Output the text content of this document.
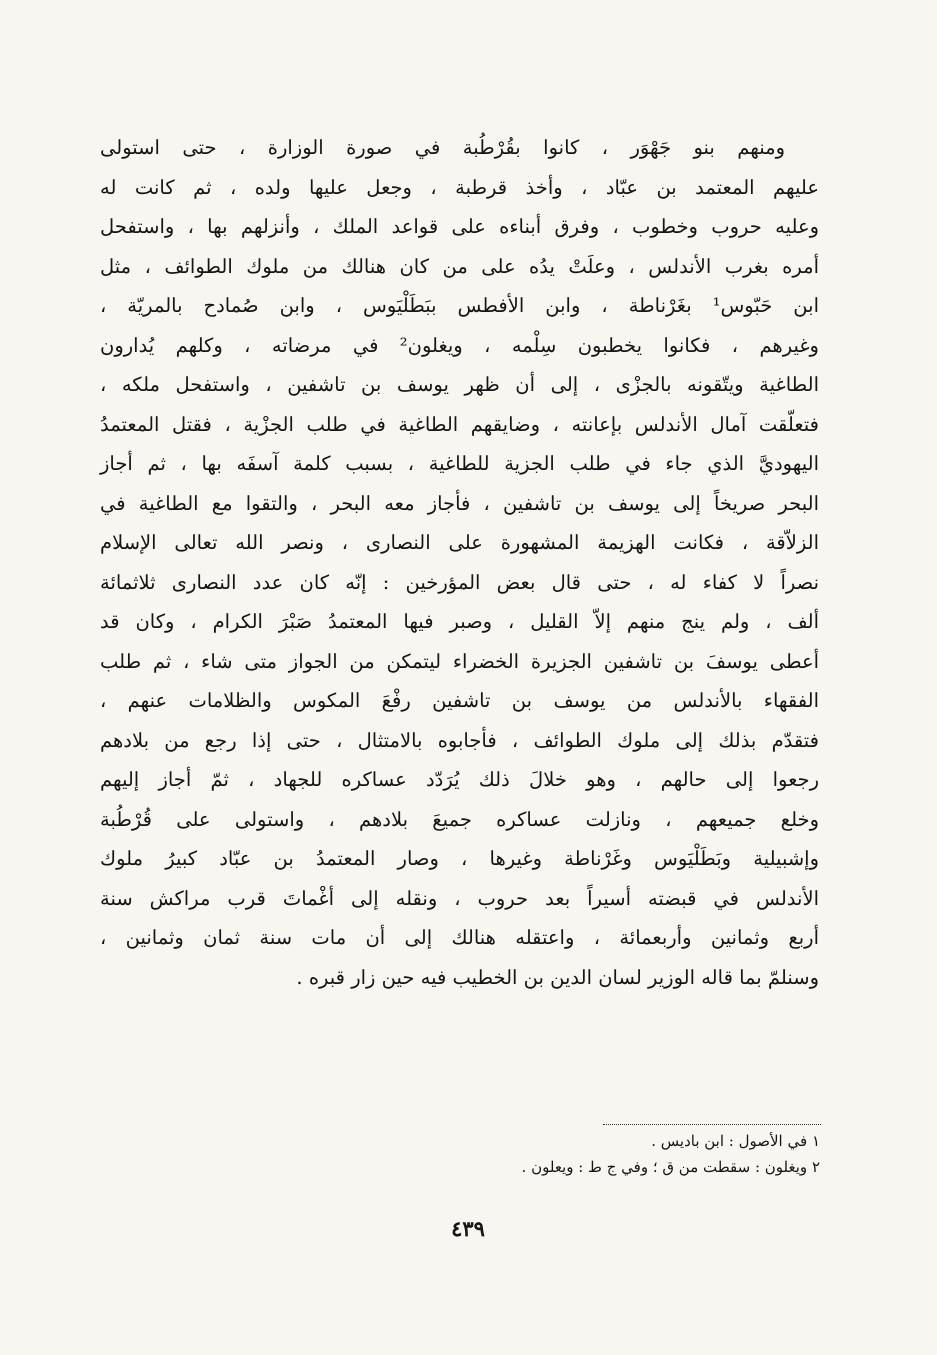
ومنهم بنو جَهْوَر ، كانوا بقُرْطُبة في صورة الوزارة ، حتى استولى
عليهم المعتمد بن عبّاد ، وأخذ قرطبة ، وجعل عليها ولده ، ثم كانت له
وعليه حروب وخطوب ، وفرق أبناءه على قواعد الملك ، وأنزلهم بها ، واستفحل
أمره بغرب الأندلس ، وعلَتْ يدُه على من كان هنالك من ملوك الطوائف ، مثل
ابن حَبّوس¹ بغَرْناطة ، وابن الأفطس ببَطَلْيَوس ، وابن صُمادح بالمريّة ،
وغيرهم ، فكانوا يخطبون سِلْمه ، ويغلون² في مرضاته ، وكلهم يُدارون
الطاغية ويتّقونه بالجزْى ، إلى أن ظهر يوسف بن تاشفين ، واستفحل ملكه ،
فتعلّقت آمال الأندلس بإعانته ، وضايقهم الطاغية في طلب الجزْية ، فقتل المعتمدُ
اليهوديَّ الذي جاء في طلب الجزية للطاغية ، بسبب كلمة آسفَه بها ، ثم أجاز
البحر صريخاً إلى يوسف بن تاشفين ، فأجاز معه البحر ، والتقوا مع الطاغية في
الزلاّقة ، فكانت الهزيمة المشهورة على النصارى ، ونصر الله تعالى الإسلام
نصراً لا كفاء له ، حتى قال بعض المؤرخين : إنّه كان عدد النصارى ثلاثمائة
ألف ، ولم ينج منهم إلاّ القليل ، وصبر فيها المعتمدُ صَبْرَ الكرام ، وكان قد
أعطى يوسفَ بن تاشفين الجزيرة الخضراء ليتمكن من الجواز متى شاء ، ثم طلب
الفقهاء بالأندلس من يوسف بن تاشفين رفْعَ المكوس والظلامات عنهم ،
فتقدّم بذلك إلى ملوك الطوائف ، فأجابوه بالامتثال ، حتى إذا رجع من بلادهم
رجعوا إلى حالهم ، وهو خلالَ ذلك يُرَدّد عساكره للجهاد ، ثمّ أجاز إليهم
وخلع جميعهم ، ونازلت عساكره جميعَ بلادهم ، واستولى على قُرْطُبة
وإشبيلية وبَطَلْيَوس وغَرْناطة وغيرها ، وصار المعتمدُ بن عبّاد كبيرُ ملوك
الأندلس في قبضته أسيراً بعد حروب ، ونقله إلى أغْماتَ قرب مراكش سنة
أربع وثمانين وأربعمائة ، واعتقله هنالك إلى أن مات سنة ثمان وثمانين ،
وسنلمّ بما قاله الوزير لسان الدين بن الخطيب فيه حين زار قبره .
١ في الأصول : ابن باديس .
٢ ويغلون : سقطت من ق ؛ وفي ج ط : ويعلون .
٤٣٩
